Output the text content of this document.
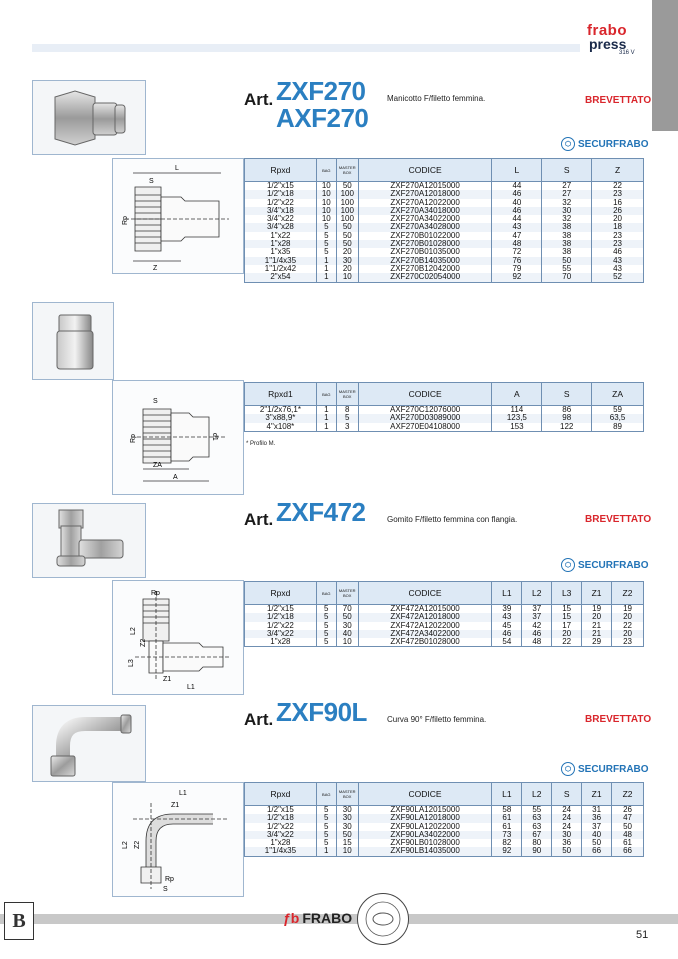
frabo
press
316 V
L
S
Rp
Z
Art. ZXF270
AXF270
Manicotto F/filetto femmina.	BREVETTATO
⬡ SECURFRABO
Rpxd	BAG	MASTER BOX	CODICE	L	S	Z
1/2"x15	10	50	ZXF270A12015000	44	27	22
1/2"x18	10	100	ZXF270A12018000	46	27	23
1/2"x22	10	100	ZXF270A12022000	40	32	16
3/4"x18	10	100	ZXF270A34018000	46	30	26
3/4"x22	10	100	ZXF270A34022000	44	32	20
3/4"x28	5	50	ZXF270A34028000	43	38	18
1"x22	5	50	ZXF270B01022000	47	38	23
1"x28	5	50	ZXF270B01028000	48	38	23
1"x35	5	20	ZXF270B01035000	72	38	46
1"1/4x35	1	30	ZXF270B14035000	76	50	43
1"1/2x42	1	20	ZXF270B12042000	79	55	43
2"x54	1	10	ZXF270C02054000	92	70	52
S
Rp
ZA
A
d1
Rpxd1	BAG	MASTER BOX	CODICE	A	S	ZA
2"1/2x76,1*	1	8	AXF270C12076000	114	86	59
3"x88,9*	1	5	AXF270D03089000	123,5	98	63,5
4"x108*	1	3	AXF270E04108000	153	122	89
* Profilo M.
Rp
L2
Z2
L3
Z1
L1
Art. ZXF472	Gomito F/filetto femmina con flangia.	BREVETTATO
⬡ SECURFRABO
Rpxd	BAG	MASTER BOX	CODICE	L1	L2	L3	Z1	Z2
1/2"x15	5	70	ZXF472A12015000	39	37	15	19	19
1/2"x18	5	50	ZXF472A12018000	43	37	15	20	20
1/2"x22	5	30	ZXF472A12022000	45	42	17	21	22
3/4"x22	5	40	ZXF472A34022000	46	46	20	21	20
1"x28	5	10	ZXF472B01028000	54	48	22	29	23
L1
Z1
L2 Z2
S
Rp
Art. ZXF90L	Curva 90° F/filetto femmina.	BREVETTATO
⬡ SECURFRABO
Rpxd	BAG	MASTER BOX	CODICE	L1	L2	S	Z1	Z2
1/2"x15	5	30	ZXF90LA12015000	58	55	24	31	26
1/2"x18	5	30	ZXF90LA12018000	61	63	24	36	47
1/2"x22	5	30	ZXF90LA12022000	61	63	24	37	50
3/4"x22	5	50	ZXF90LA34022000	73	67	30	40	48
1"x28	5	15	ZXF90LB01028000	82	80	36	50	61
1"1/4x35	1	10	ZXF90LB14035000	92	90	50	66	66
B	ƒb FRABO
51
